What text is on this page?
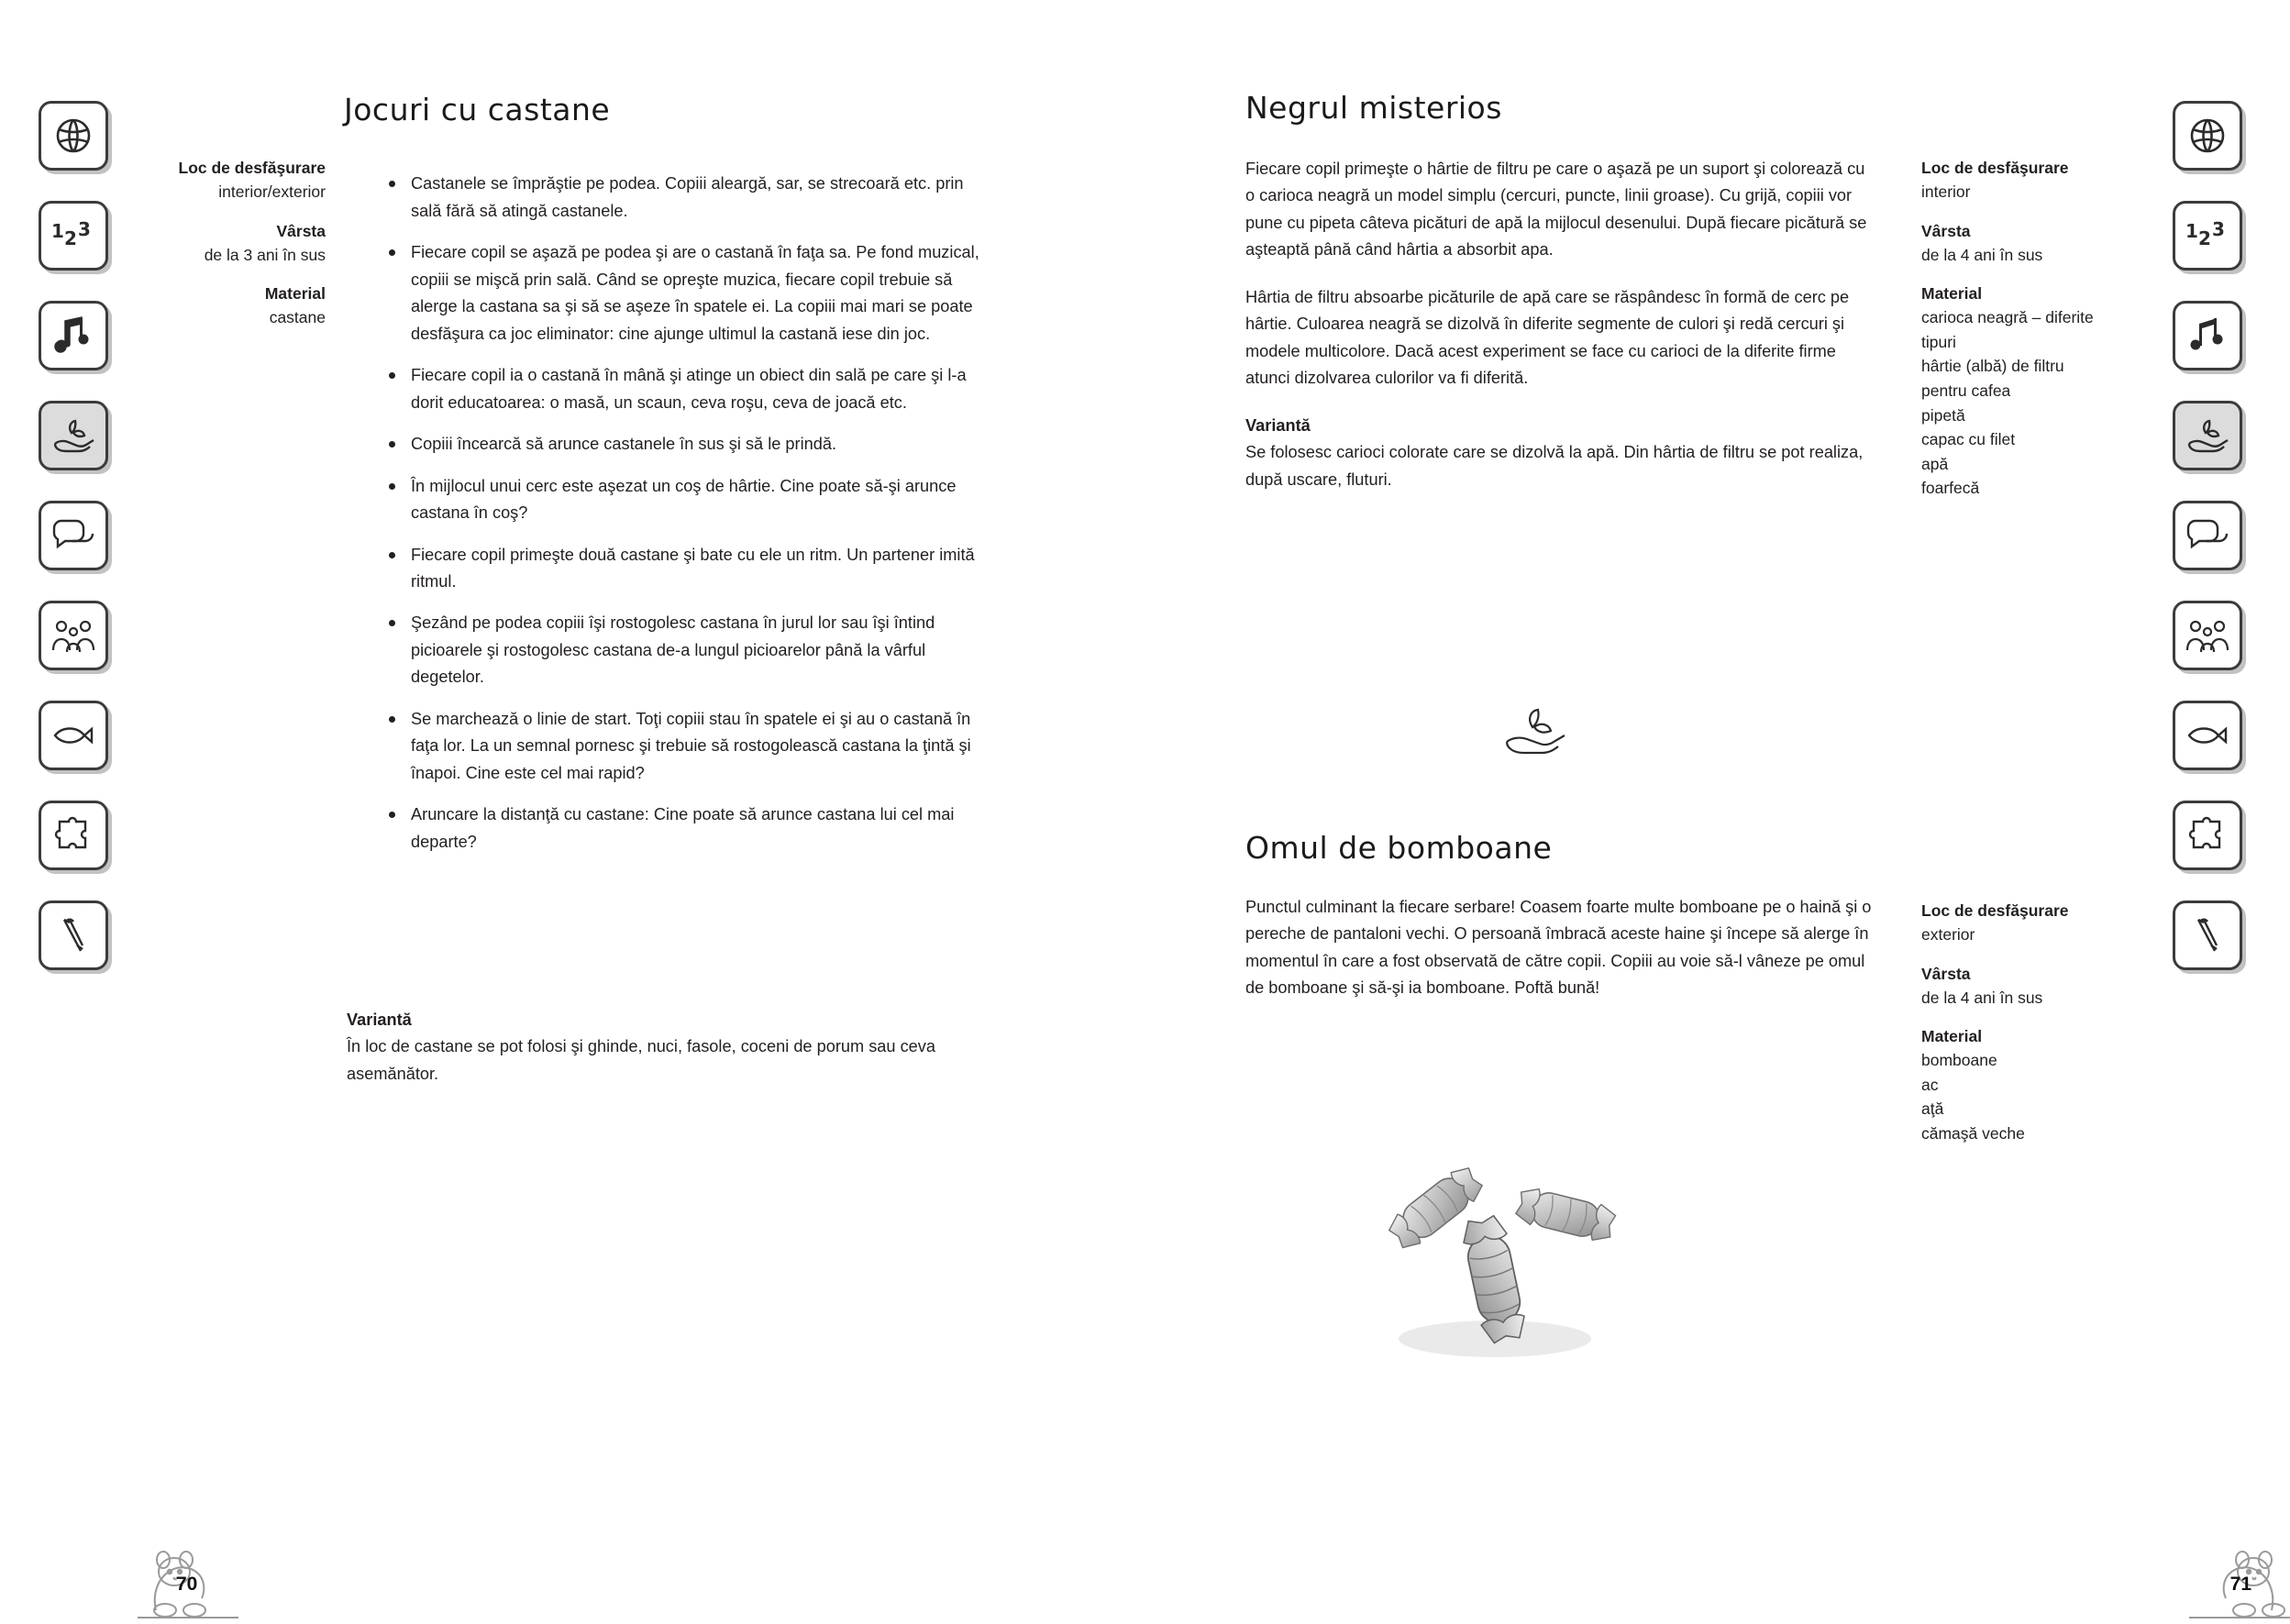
1 2 3	1 2 3
Jocuri cu castane
Loc de desfăşurare
interior/exterior
Vârsta
de la 3 ani în sus
Material
castane
Castanele se împrăştie pe podea. Copiii aleargă, sar, se strecoară etc. prin sală fără să atingă castanele.
Fiecare copil se aşază pe podea şi are o castană în faţa sa. Pe fond muzical, copiii se mişcă prin sală. Când se opreşte muzica, fiecare copil trebuie să alerge la castana sa şi să se aşeze în spatele ei. La copiii mai mari se poate desfăşura ca joc eliminator: cine ajunge ultimul la castană iese din joc.
Fiecare copil ia o castană în mână şi atinge un obiect din sală pe care şi l-a dorit educatoarea: o masă, un scaun, ceva roşu, ceva de joacă etc.
Copiii încearcă să arunce castanele în sus şi să le prindă.
În mijlocul unui cerc este aşezat un coş de hârtie. Cine poate să-şi arunce castana în coş?
Fiecare copil primeşte două castane şi bate cu ele un ritm. Un partener imită ritmul.
Şezând pe podea copiii îşi rostogolesc castana în jurul lor sau îşi întind picioarele şi rostogolesc castana de-a lungul picioarelor până la vârful degetelor.
Se marchează o linie de start. Toţi copiii stau în spatele ei şi au o castană în faţa lor. La un semnal pornesc şi trebuie să rostogolească castana la ţintă şi înapoi. Cine este cel mai rapid?
Aruncare la distanţă cu castane: Cine poate să arunce castana lui cel mai departe?
Variantă
În loc de castane se pot folosi şi ghinde, nuci, fasole, coceni de porum sau ceva asemănător.
70
Negrul misterios

Fiecare copil primeşte o hârtie de filtru pe care o aşază pe un suport şi colorează cu o carioca neagră un model simplu (cercuri, puncte, linii groase). Cu grijă, copiii vor pune cu pipeta câteva picături de apă la mijlocul desenului. După fiecare picătură se aşteaptă până când hârtia a absorbit apa.

Hârtia de filtru absoarbe picăturile de apă care se răspândesc în formă de cerc pe hârtie. Culoarea neagră se dizolvă în diferite segmente de culori şi redă cercuri şi modele multicolore. Dacă acest experiment se face cu carioci de la diferite firme atunci dizolvarea culorilor va fi diferită.

Variantă

Se folosesc carioci colorate care se dizolvă la apă. Din hârtia de filtru se pot realiza, după uscare, fluturi.

Loc de desfăşurare
interior
Vârsta
de la 4 ani în sus
Material
carioca neagră – diferite
tipuri
hârtie (albă) de filtru
pentru cafea
pipetă
capac cu filet
apă
foarfecă
Omul de bomboane

Punctul culminant la fiecare serbare! Coasem foarte multe bomboane pe o haină şi o pereche de pantaloni vechi. O persoană îmbracă aceste haine şi începe să alerge în momentul în care a fost observată de către copii. Copiii au voie să-l vâneze pe omul de bomboane şi să-şi ia bomboane. Poftă bună!

Loc de desfăşurare
exterior
Vârsta
de la 4 ani în sus
Material
bomboane
ac
aţă
cămaşă veche
71
